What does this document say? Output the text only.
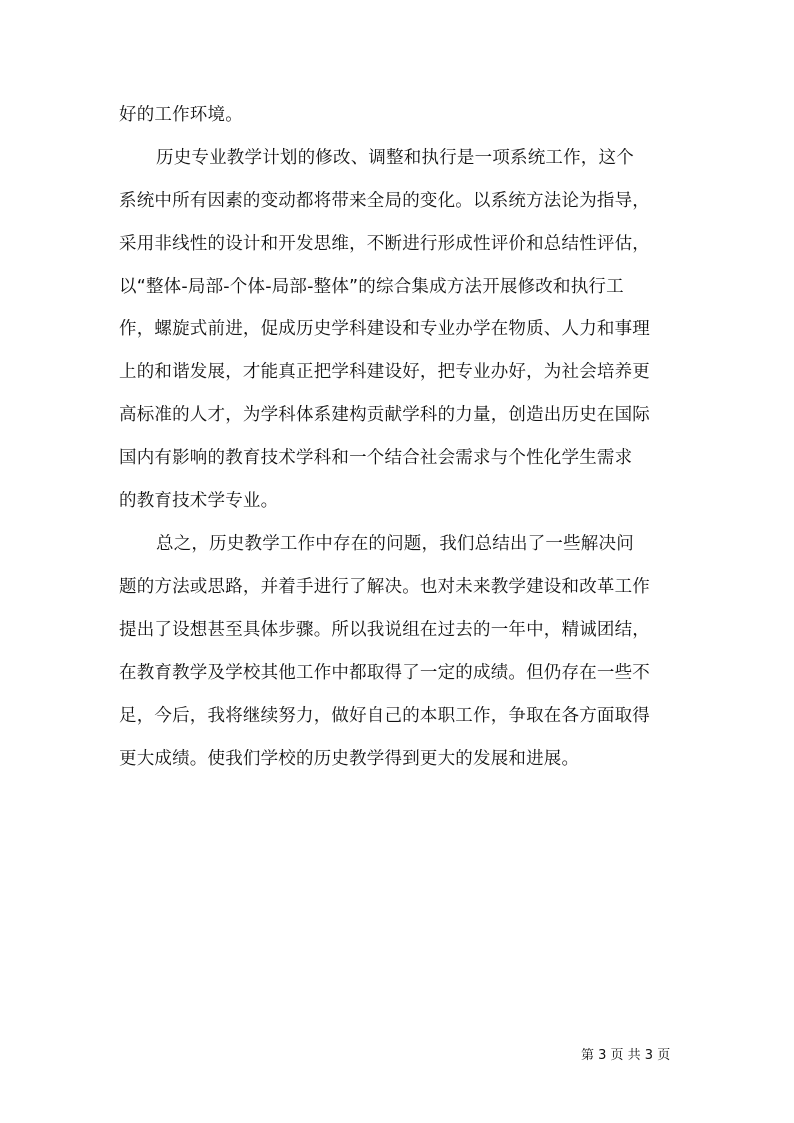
好的工作环境。
历史专业教学计划的修改、调整和执行是一项系统工作，这个
系统中所有因素的变动都将带来全局的变化。以系统方法论为指导，
采用非线性的设计和开发思维，不断进行形成性评价和总结性评估，
以“整体-局部-个体-局部-整体”的综合集成方法开展修改和执行工
作，螺旋式前进，促成历史学科建设和专业办学在物质、人力和事理
上的和谐发展，才能真正把学科建设好，把专业办好，为社会培养更
高标准的人才，为学科体系建构贡献学科的力量，创造出历史在国际
国内有影响的教育技术学科和一个结合社会需求与个性化学生需求
的教育技术学专业。
总之，历史教学工作中存在的问题，我们总结出了一些解决问
题的方法或思路，并着手进行了解决。也对未来教学建设和改革工作
提出了设想甚至具体步骤。所以我说组在过去的一年中，精诚团结，
在教育教学及学校其他工作中都取得了一定的成绩。但仍存在一些不
足，今后，我将继续努力，做好自己的本职工作，争取在各方面取得
更大成绩。使我们学校的历史教学得到更大的发展和进展。
第 3 页 共 3 页
